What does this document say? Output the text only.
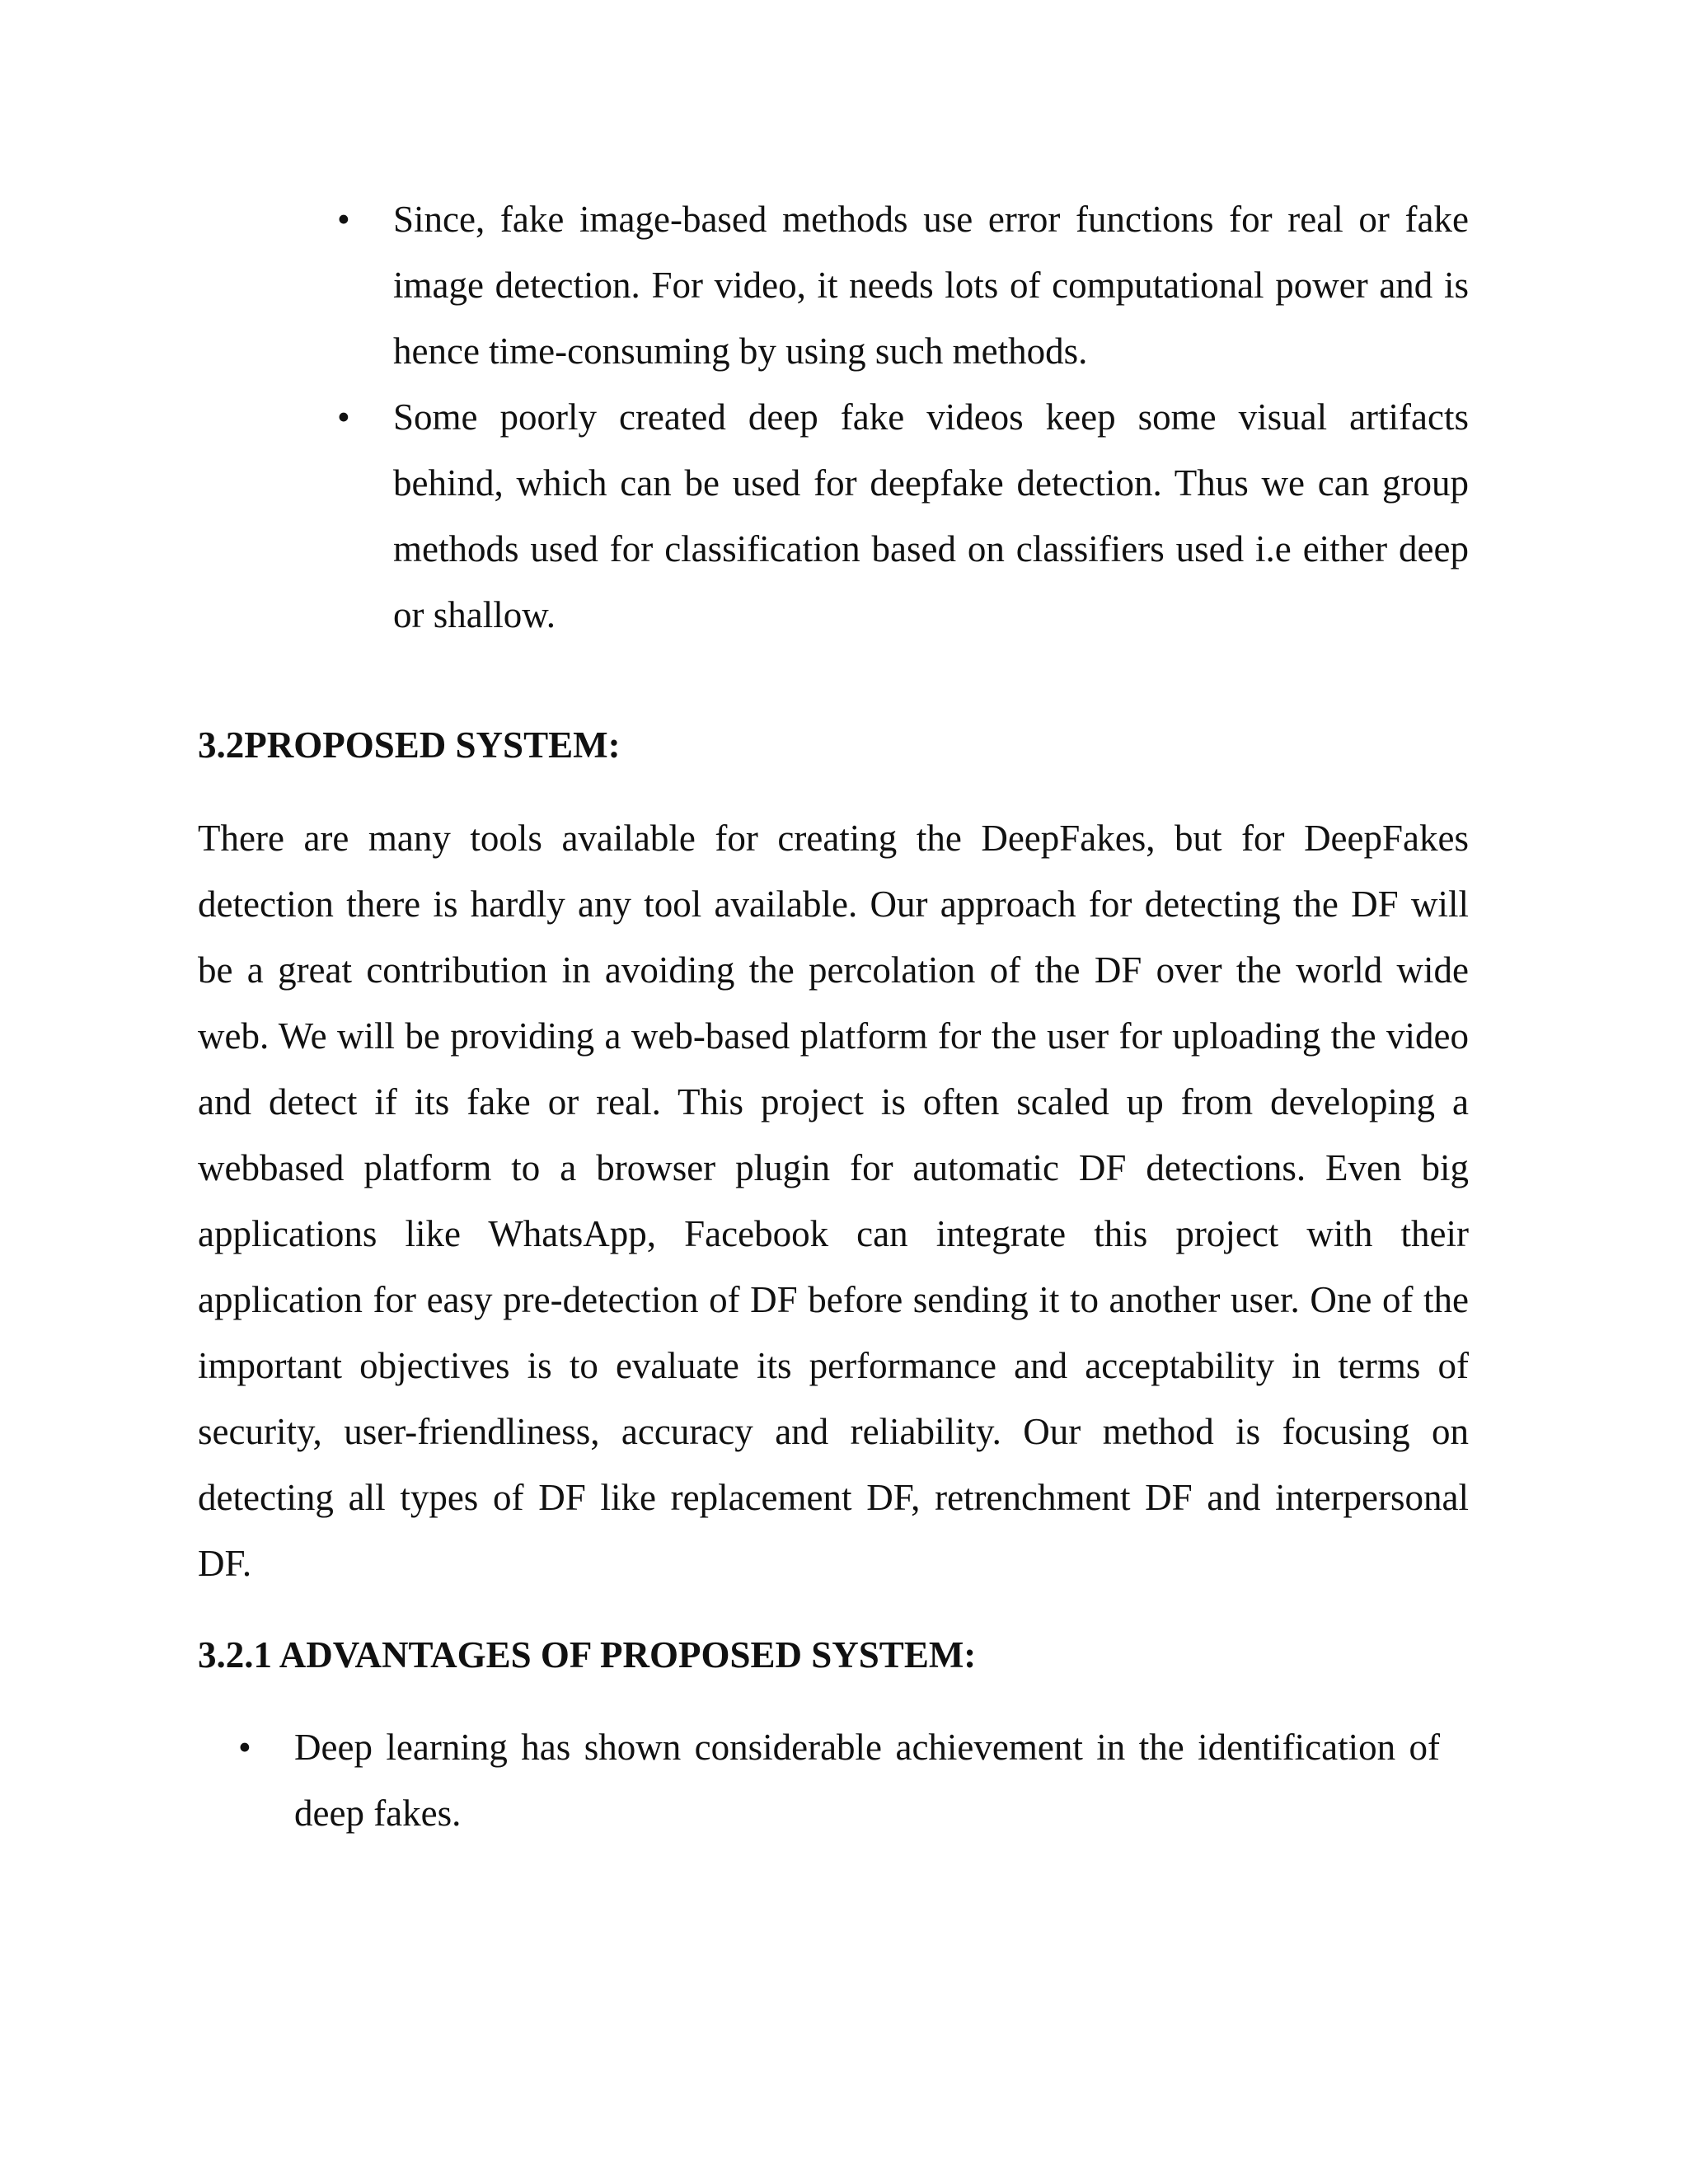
• Since, fake image-based methods use error functions for real or fake image detection. For video, it needs lots of computational power and is hence time-consuming by using such methods.
• Some poorly created deep fake videos keep some visual artifacts behind, which can be used for deepfake detection. Thus we can group methods used for classification based on classifiers used i.e either deep or shallow.
3.2PROPOSED SYSTEM:

There are many tools available for creating the DeepFakes, but for DeepFakes detection there is hardly any tool available. Our approach for detecting the DF will be a great contribution in avoiding the percolation of the DF over the world wide web. We will be providing a web-based platform for the user for uploading the video and detect if its fake or real. This project is often scaled up from developing a webbased platform to a browser plugin for automatic DF detections. Even big applications like WhatsApp, Facebook can integrate this project with their application for easy pre-detection of DF before sending it to another user. One of the important objectives is to evaluate its performance and acceptability in terms of security, user-friendliness, accuracy and reliability. Our method is focusing on detecting all types of DF like replacement DF, retrenchment DF and interpersonal DF.

3.2.1 ADVANTAGES OF PROPOSED SYSTEM:
• Deep learning has shown considerable achievement in the identification of deep fakes.
